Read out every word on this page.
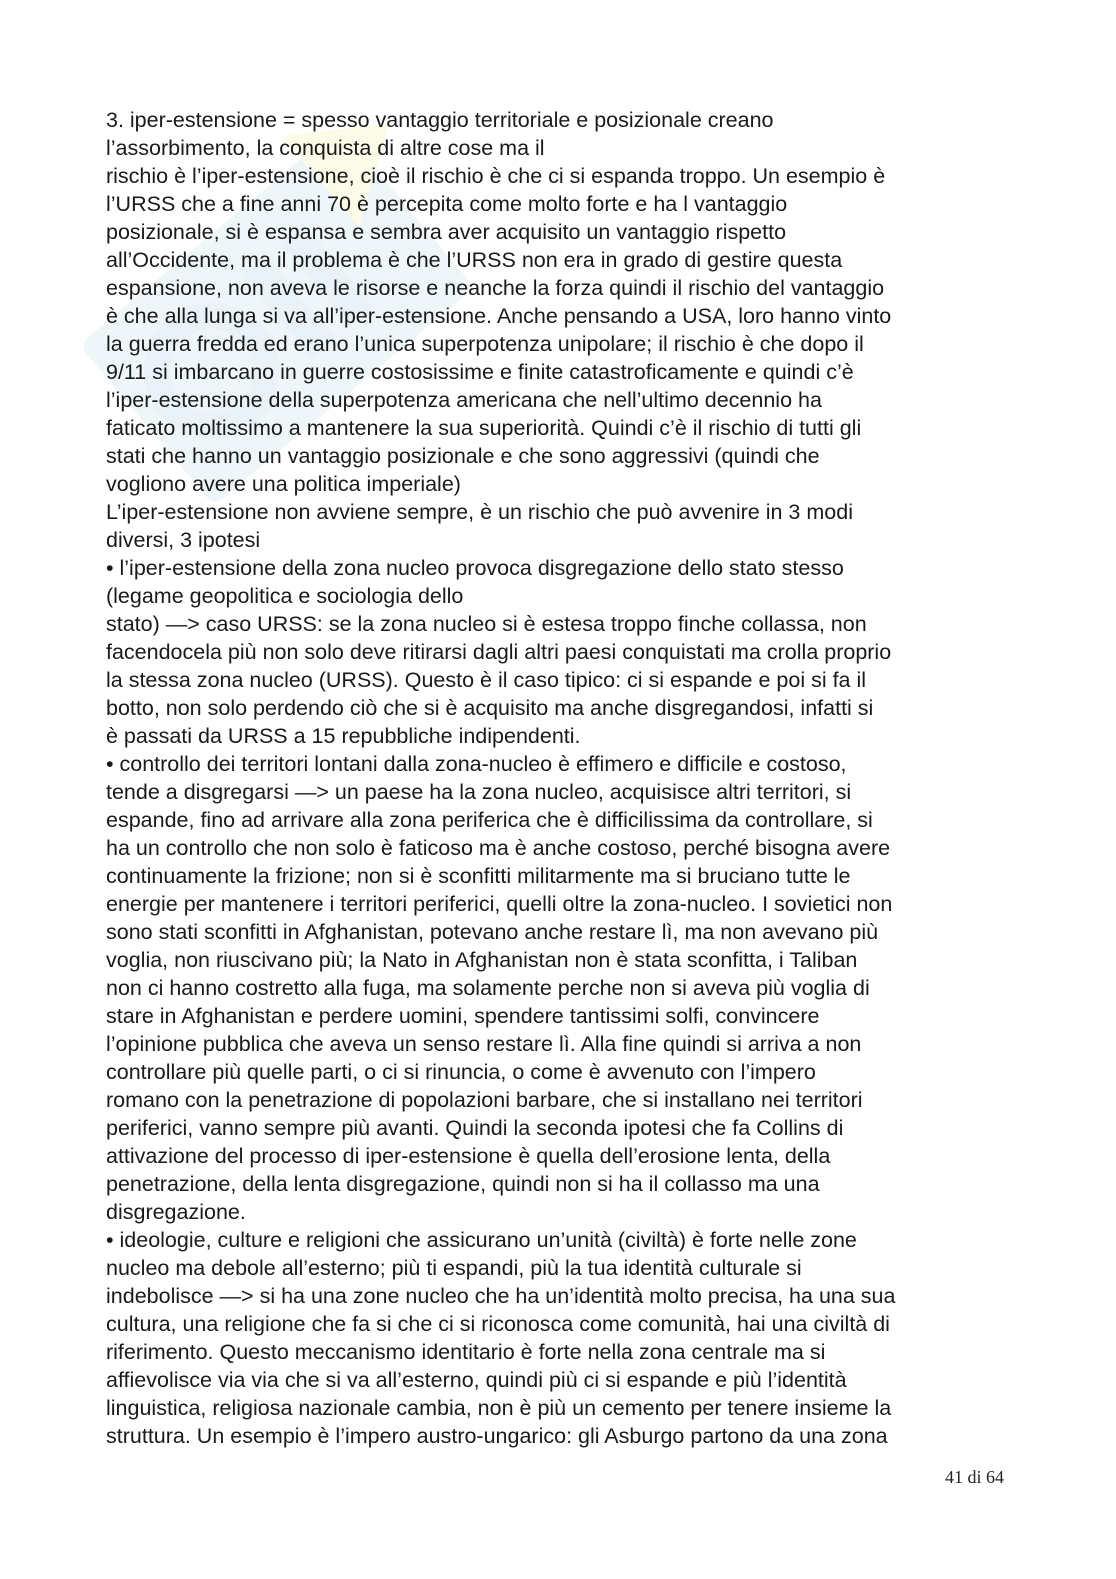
3. iper-estensione = spesso vantaggio territoriale e posizionale creano
l’assorbimento, la conquista di altre cose ma il
rischio è l’iper-estensione, cioè il rischio è che ci si espanda troppo. Un esempio è
l’URSS che a fine anni 70 è percepita come molto forte e ha l vantaggio
posizionale, si è espansa e sembra aver acquisito un vantaggio rispetto
all’Occidente, ma il problema è che l’URSS non era in grado di gestire questa
espansione, non aveva le risorse e neanche la forza quindi il rischio del vantaggio
è che alla lunga si va all’iper-estensione. Anche pensando a USA, loro hanno vinto
la guerra fredda ed erano l’unica superpotenza unipolare; il rischio è che dopo il
9/11 si imbarcano in guerre costosissime e finite catastroficamente e quindi c’è
l’iper-estensione della superpotenza americana che nell’ultimo decennio ha
faticato moltissimo a mantenere la sua superiorità. Quindi c’è il rischio di tutti gli
stati che hanno un vantaggio posizionale e che sono aggressivi (quindi che
vogliono avere una politica imperiale)
L’iper-estensione non avviene sempre, è un rischio che può avvenire in 3 modi
diversi, 3 ipotesi
• l’iper-estensione della zona nucleo provoca disgregazione dello stato stesso
(legame geopolitica e sociologia dello
stato) —> caso URSS: se la zona nucleo si è estesa troppo finche collassa, non
facendocela più non solo deve ritirarsi dagli altri paesi conquistati ma crolla proprio
la stessa zona nucleo (URSS). Questo è il caso tipico: ci si espande e poi si fa il
botto, non solo perdendo ciò che si è acquisito ma anche disgregandosi, infatti si
è passati da URSS a 15 repubbliche indipendenti.
• controllo dei territori lontani dalla zona-nucleo è effimero e difficile e costoso,
tende a disgregarsi —> un paese ha la zona nucleo, acquisisce altri territori, si
espande, fino ad arrivare alla zona periferica che è difficilissima da controllare, si
ha un controllo che non solo è faticoso ma è anche costoso, perché bisogna avere
continuamente la frizione; non si è sconfitti militarmente ma si bruciano tutte le
energie per mantenere i territori periferici, quelli oltre la zona-nucleo. I sovietici non
sono stati sconfitti in Afghanistan, potevano anche restare lì, ma non avevano più
voglia, non riuscivano più; la Nato in Afghanistan non è stata sconfitta, i Taliban
non ci hanno costretto alla fuga, ma solamente perche non si aveva più voglia di
stare in Afghanistan e perdere uomini, spendere tantissimi solfi, convincere
l’opinione pubblica che aveva un senso restare lì. Alla fine quindi si arriva a non
controllare più quelle parti, o ci si rinuncia, o come è avvenuto con l’impero
romano con la penetrazione di popolazioni barbare, che si installano nei territori
periferici, vanno sempre più avanti. Quindi la seconda ipotesi che fa Collins di
attivazione del processo di iper-estensione è quella dell’erosione lenta, della
penetrazione, della lenta disgregazione, quindi non si ha il collasso ma una
disgregazione.
• ideologie, culture e religioni che assicurano un’unità (civiltà) è forte nelle zone
nucleo ma debole all’esterno; più ti espandi, più la tua identità culturale si
indebolisce —> si ha una zone nucleo che ha un’identità molto precisa, ha una sua
cultura, una religione che fa si che ci si riconosca come comunità, hai una civiltà di
riferimento. Questo meccanismo identitario è forte nella zona centrale ma si
affievolisce via via che si va all’esterno, quindi più ci si espande e più l’identità
linguistica, religiosa nazionale cambia, non è più un cemento per tenere insieme la
struttura. Un esempio è l’impero austro-ungarico: gli Asburgo partono da una zona
41 di 64
